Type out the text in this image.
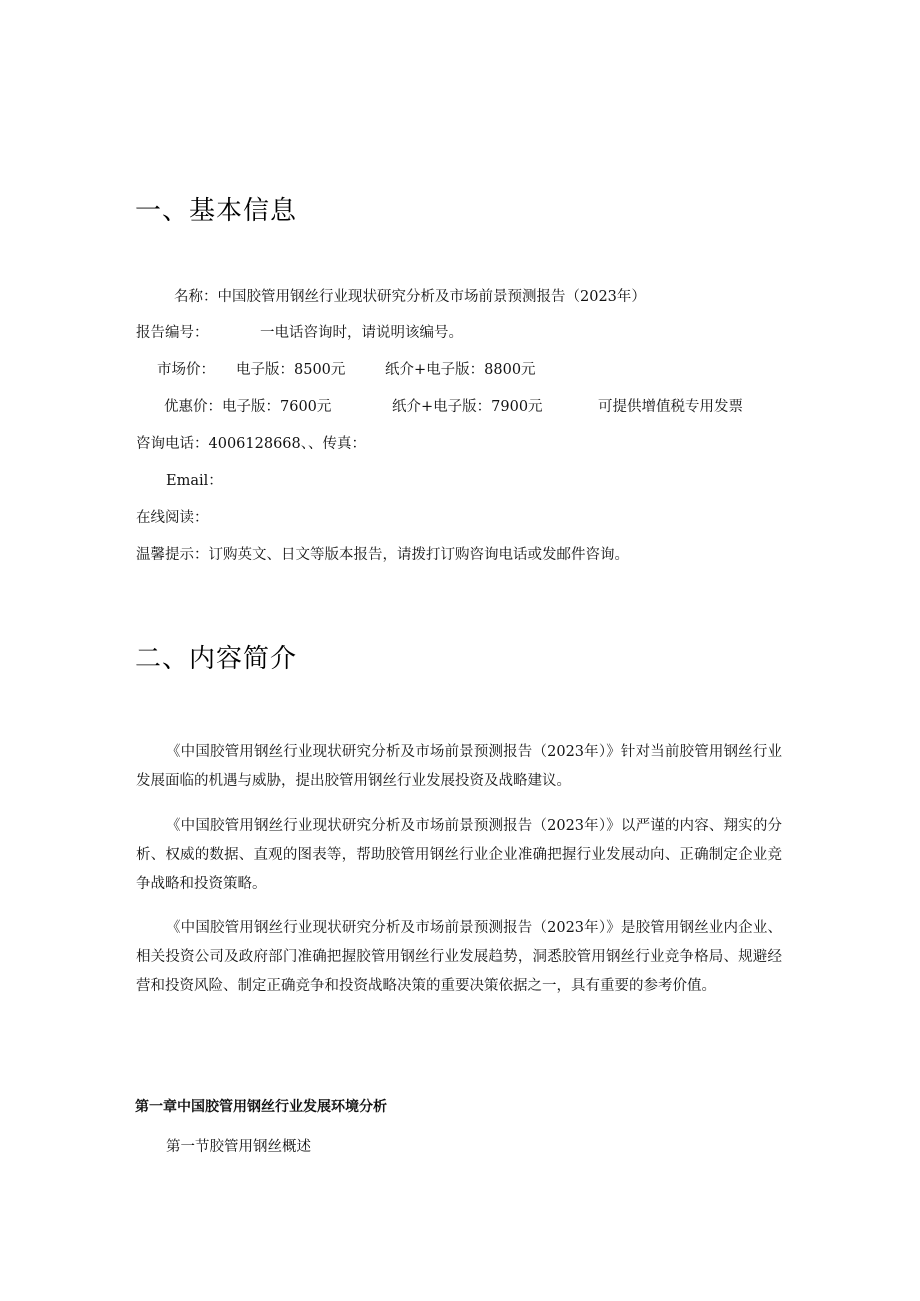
一、基本信息
名称：中国胶管用钢丝行业现状研究分析及市场前景预测报告（2023年）
报告编号：	一电话咨询时，请说明该编号。
市场价： 电子版：8500元	纸介+电子版：8800元
优惠价： 电子版：7600元	纸介+电子版：7900元	可提供增值税专用发票
咨询电话：4006128668、、传真：
Email：
在线阅读：
温馨提示：订购英文、日文等版本报告，请拨打订购咨询电话或发邮件咨询。
二、内容简介
《中国胶管用钢丝行业现状研究分析及市场前景预测报告（2023年）》针对当前胶管用钢丝行业发展面临的机遇与威胁，提出胶管用钢丝行业发展投资及战略建议。
《中国胶管用钢丝行业现状研究分析及市场前景预测报告（2023年）》以严谨的内容、翔实的分析、权威的数据、直观的图表等，帮助胶管用钢丝行业企业准确把握行业发展动向、正确制定企业竞争战略和投资策略。
《中国胶管用钢丝行业现状研究分析及市场前景预测报告（2023年）》是胶管用钢丝业内企业、相关投资公司及政府部门准确把握胶管用钢丝行业发展趋势，洞悉胶管用钢丝行业竞争格局、规避经营和投资风险、制定正确竞争和投资战略决策的重要决策依据之一，具有重要的参考价值。
第一章中国胶管用钢丝行业发展环境分析
第一节胶管用钢丝概述
